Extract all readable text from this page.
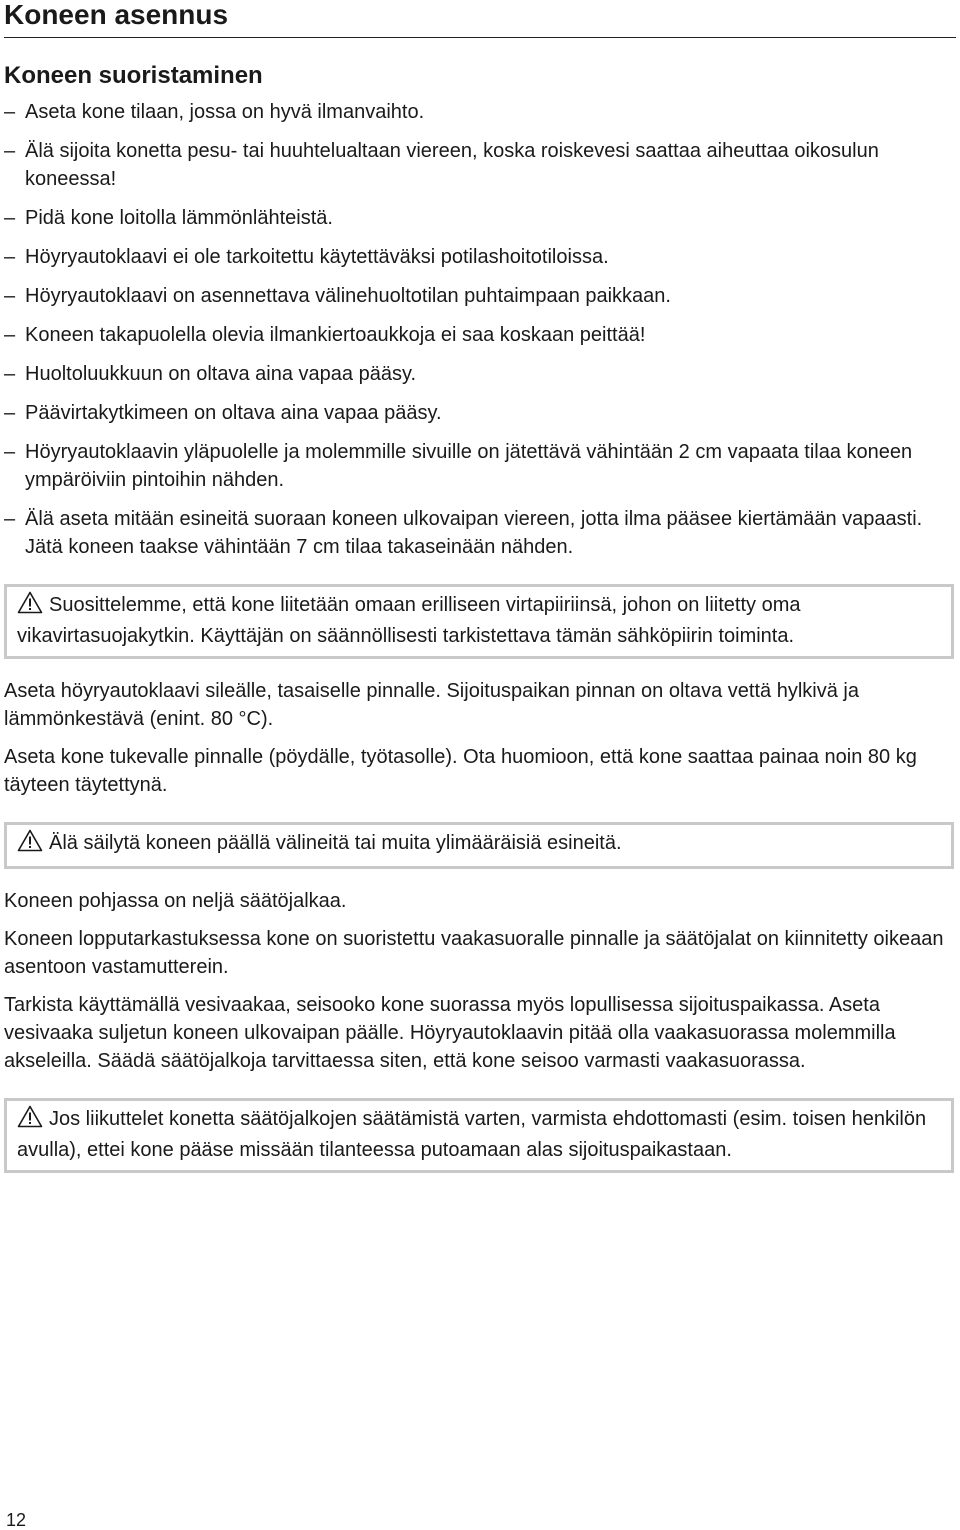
Koneen asennus
Koneen suoristaminen
– Aseta kone tilaan, jossa on hyvä ilmanvaihto.
– Älä sijoita konetta pesu- tai huuhtelualtaan viereen, koska roiskevesi saattaa aiheuttaa oikosulun koneessa!
– Pidä kone loitolla lämmönlähteistä.
– Höyryautoklaavi ei ole tarkoitettu käytettäväksi potilashoitotiloissa.
– Höyryautoklaavi on asennettava välinehuoltotilan puhtaimpaan paikkaan.
– Koneen takapuolella olevia ilmankiertoaukkoja ei saa koskaan peittää!
– Huoltoluukkuun on oltava aina vapaa pääsy.
– Päävirtakytkimeen on oltava aina vapaa pääsy.
– Höyryautoklaavin yläpuolelle ja molemmille sivuille on jätettävä vähintään 2 cm vapaata tilaa koneen ympäröiviin pintoihin nähden.
– Älä aseta mitään esineitä suoraan koneen ulkovaipan viereen, jotta ilma pääsee kiertämään vapaasti. Jätä koneen taakse vähintään 7 cm tilaa takaseinään nähden.
Suosittelemme, että kone liitetään omaan erilliseen virtapiiriinsä, johon on liitetty oma vikavirtasuojakytkin. Käyttäjän on säännöllisesti tarkistettava tämän sähköpiirin toiminta.

Aseta höyryautoklaavi sileälle, tasaiselle pinnalle. Sijoituspaikan pinnan on oltava vettä hylkivä ja lämmönkestävä (enint. 80 °C).

Aseta kone tukevalle pinnalle (pöydälle, työtasolle). Ota huomioon, että kone saattaa painaa noin 80 kg täyteen täytettynä.

Älä säilytä koneen päällä välineitä tai muita ylimääräisiä esineitä.

Koneen pohjassa on neljä säätöjalkaa.

Koneen lopputarkastuksessa kone on suoristettu vaakasuoralle pinnalle ja säätöjalat on kiinnitetty oikeaan asentoon vastamutterein.

Tarkista käyttämällä vesivaakaa, seisooko kone suorassa myös lopullisessa sijoituspaikassa. Aseta vesivaaka suljetun koneen ulkovaipan päälle. Höyryautoklaavin pitää olla vaakasuorassa molemmilla akseleilla. Säädä säätöjalkoja tarvittaessa siten, että kone seisoo varmasti vaakasuorassa.

Jos liikuttelet konetta säätöjalkojen säätämistä varten, varmista ehdottomasti (esim. toisen henkilön avulla), ettei kone pääse missään tilanteessa putoamaan alas sijoituspaikastaan.
12
